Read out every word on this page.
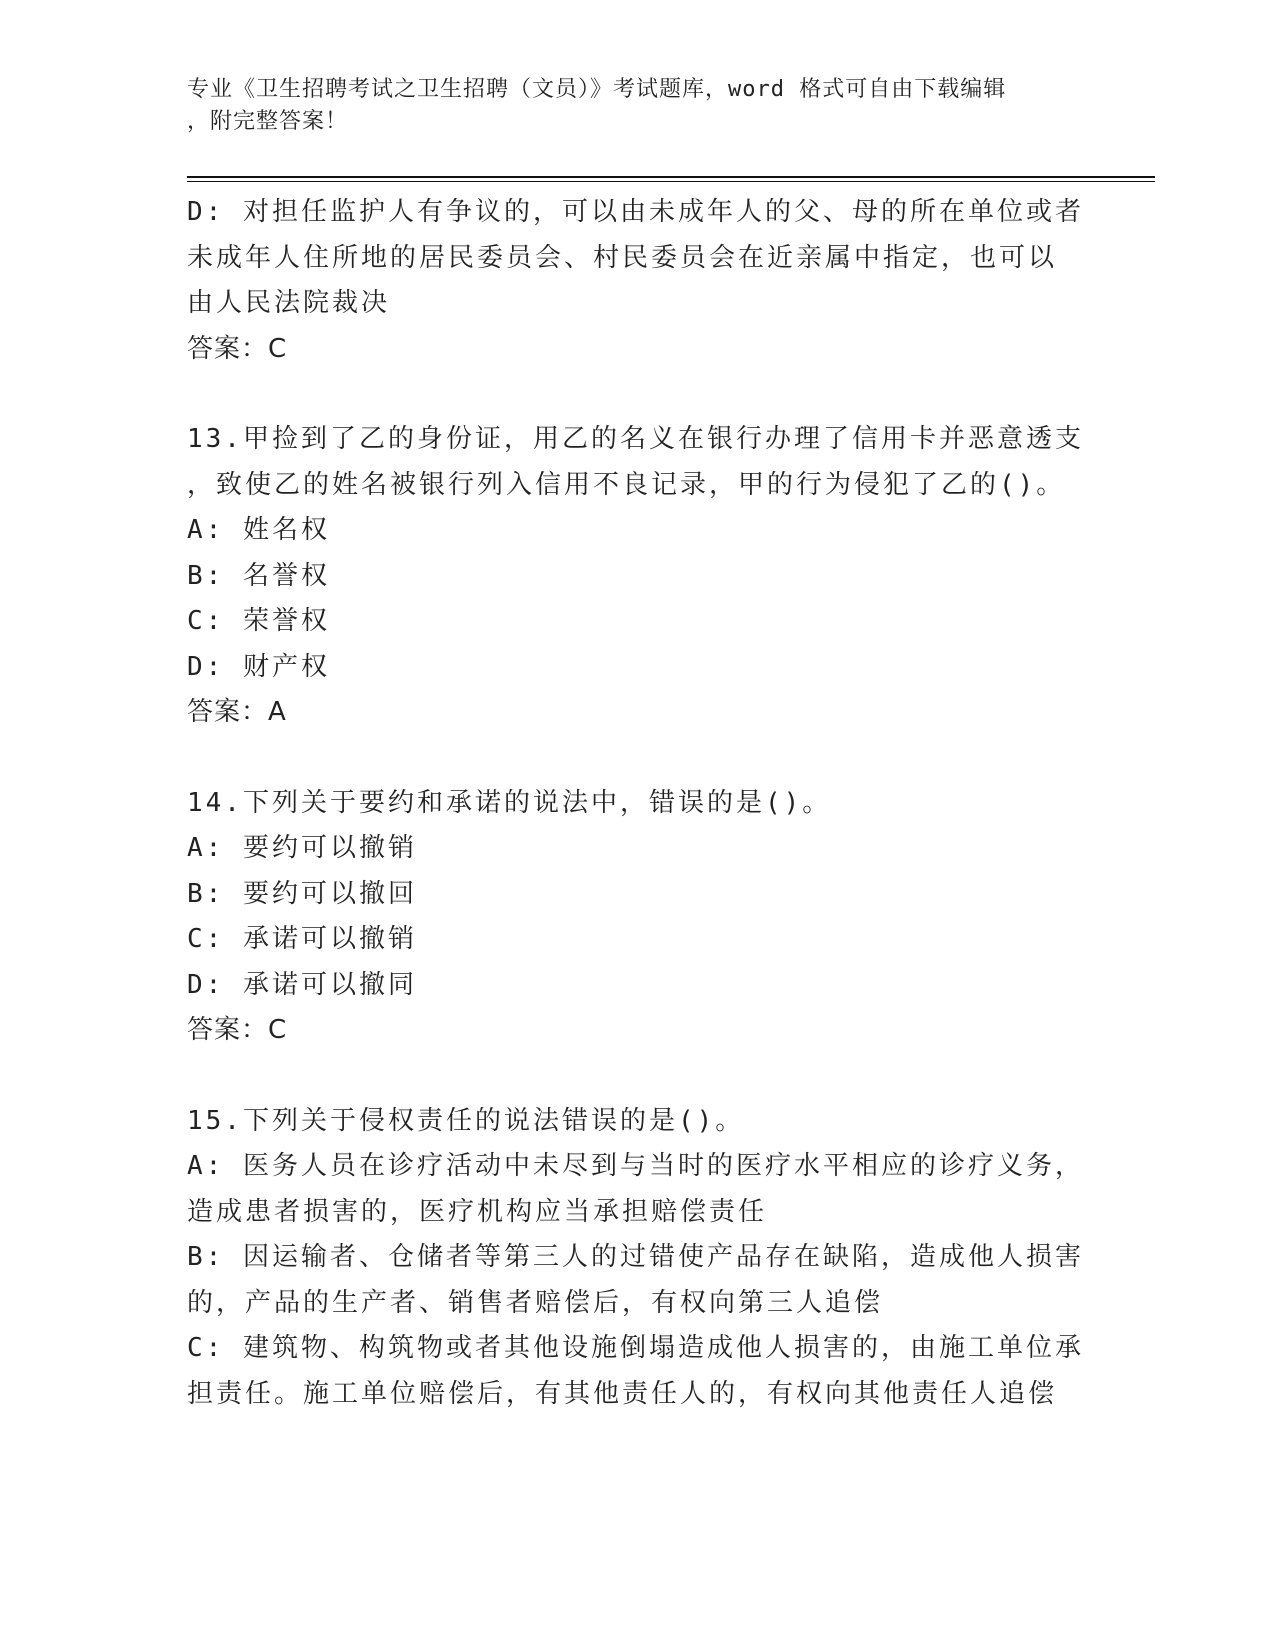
专业《卫生招聘考试之卫生招聘（文员）》考试题库，word 格式可自由下载编辑
，附完整答案！
D: 对担任监护人有争议的，可以由未成年人的父、母的所在单位或者
未成年人住所地的居民委员会、村民委员会在近亲属中指定，也可以
由人民法院裁决
答案：C
13.甲捡到了乙的身份证，用乙的名义在银行办理了信用卡并恶意透支
，致使乙的姓名被银行列入信用不良记录，甲的行为侵犯了乙的()。
A: 姓名权
B: 名誉权
C: 荣誉权
D: 财产权
答案：A
14.下列关于要约和承诺的说法中，错误的是()。
A: 要约可以撤销
B: 要约可以撤回
C: 承诺可以撤销
D: 承诺可以撤同
答案：C
15.下列关于侵权责任的说法错误的是()。
A: 医务人员在诊疗活动中未尽到与当时的医疗水平相应的诊疗义务，
造成患者损害的，医疗机构应当承担赔偿责任
B: 因运输者、仓储者等第三人的过错使产品存在缺陷，造成他人损害
的，产品的生产者、销售者赔偿后，有权向第三人追偿
C: 建筑物、构筑物或者其他设施倒塌造成他人损害的，由施工单位承
担责任。施工单位赔偿后，有其他责任人的，有权向其他责任人追偿
